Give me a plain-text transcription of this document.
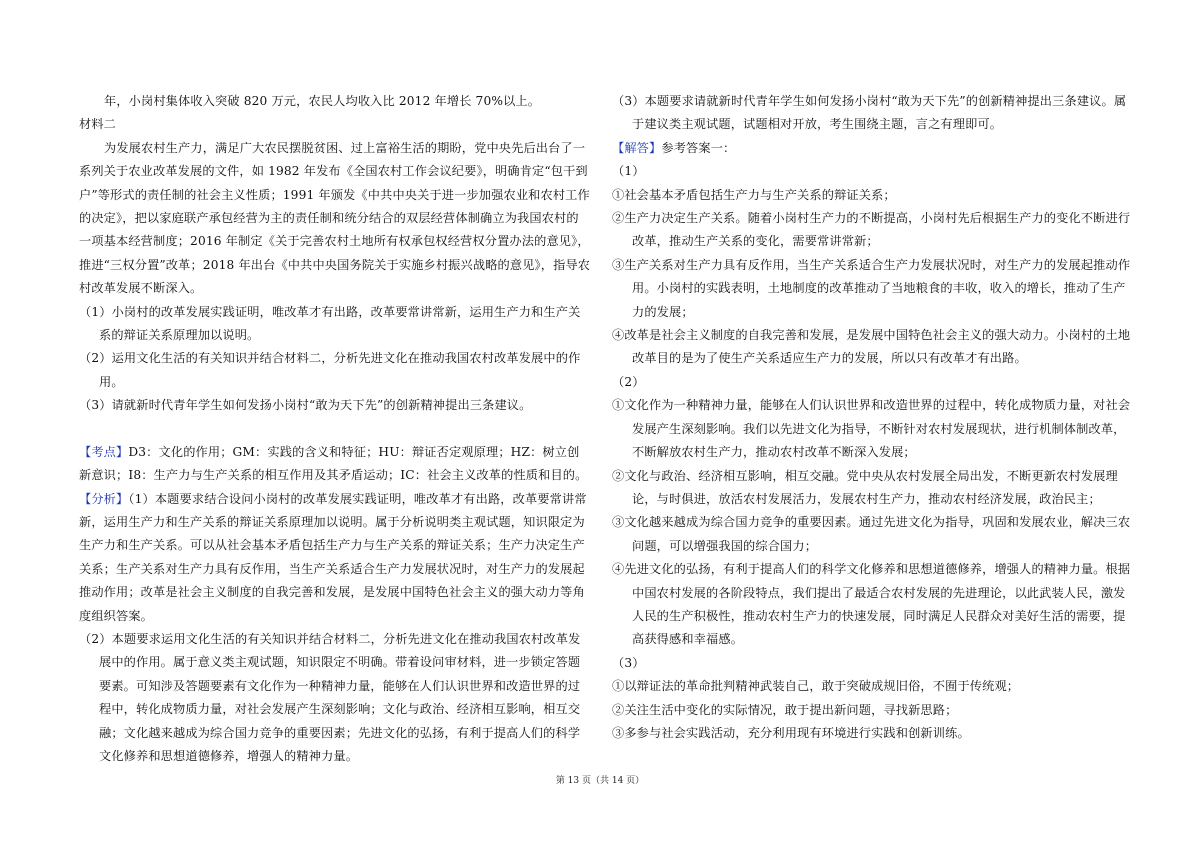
年，小岗村集体收入突破 820 万元，农民人均收入比 2012 年增长 70%以上。

材料二

为发展农村生产力，满足广大农民摆脱贫困、过上富裕生活的期盼，党中央先后出台了一系列关于农业改革发展的文件，如 1982 年发布《全国农村工作会议纪要》，明确肯定“包干到户”等形式的责任制的社会主义性质；1991 年颁发《中共中央关于进一步加强农业和农村工作的决定》，把以家庭联产承包经营为主的责任制和统分结合的双层经营体制确立为我国农村的一项基本经营制度；2016 年制定《关于完善农村土地所有权承包权经营权分置办法的意见》，推进“三权分置”改革；2018 年出台《中共中央国务院关于实施乡村振兴战略的意见》，指导农村改革发展不断深入。

（1）小岗村的改革发展实践证明，唯改革才有出路，改革要常讲常新，运用生产力和生产关系的辩证关系原理加以说明。

（2）运用文化生活的有关知识并结合材料二，分析先进文化在推动我国农村改革发展中的作用。

（3）请就新时代青年学生如何发扬小岗村“敢为天下先”的创新精神提出三条建议。

【考点】D3：文化的作用；GM：实践的含义和特征；HU：辩证否定观原理；HZ：树立创新意识；I8：生产力与生产关系的相互作用及其矛盾运动；IC：社会主义改革的性质和目的。

【分析】（1）本题要求结合设问小岗村的改革发展实践证明，唯改革才有出路，改革要常讲常新，运用生产力和生产关系的辩证关系原理加以说明。属于分析说明类主观试题，知识限定为生产力和生产关系。可以从社会基本矛盾包括生产力与生产关系的辩证关系；生产力决定生产关系；生产关系对生产力具有反作用，当生产关系适合生产力发展状况时，对生产力的发展起推动作用；改革是社会主义制度的自我完善和发展，是发展中国特色社会主义的强大动力等角度组织答案。

（2）本题要求运用文化生活的有关知识并结合材料二，分析先进文化在推动我国农村改革发展中的作用。属于意义类主观试题，知识限定不明确。带着设问审材料，进一步锁定答题要素。可知涉及答题要素有文化作为一种精神力量，能够在人们认识世界和改造世界的过程中，转化成物质力量，对社会发展产生深刻影响；文化与政治、经济相互影响，相互交融；文化越来越成为综合国力竞争的重要因素；先进文化的弘扬，有利于提高人们的科学文化修养和思想道德修养，增强人的精神力量。

（3）本题要求请就新时代青年学生如何发扬小岗村“敢为天下先”的创新精神提出三条建议。属于建议类主观试题，试题相对开放，考生围绕主题，言之有理即可。

【解答】参考答案一：

（1）

①社会基本矛盾包括生产力与生产关系的辩证关系；

②生产力决定生产关系。随着小岗村生产力的不断提高，小岗村先后根据生产力的变化不断进行改革，推动生产关系的变化，需要常讲常新；

③生产关系对生产力具有反作用，当生产关系适合生产力发展状况时，对生产力的发展起推动作用。小岗村的实践表明，土地制度的改革推动了当地粮食的丰收，收入的增长，推动了生产力的发展；

④改革是社会主义制度的自我完善和发展，是发展中国特色社会主义的强大动力。小岗村的土地改革目的是为了使生产关系适应生产力的发展，所以只有改革才有出路。

（2）

①文化作为一种精神力量，能够在人们认识世界和改造世界的过程中，转化成物质力量，对社会发展产生深刻影响。我们以先进文化为指导，不断针对农村发展现状，进行机制体制改革，不断解放农村生产力，推动农村改革不断深入发展；

②文化与政治、经济相互影响，相互交融。党中央从农村发展全局出发，不断更新农村发展理论，与时俱进，放活农村发展活力，发展农村生产力，推动农村经济发展，政治民主；

③文化越来越成为综合国力竞争的重要因素。通过先进文化为指导，巩固和发展农业，解决三农问题，可以增强我国的综合国力；

④先进文化的弘扬，有利于提高人们的科学文化修养和思想道德修养，增强人的精神力量。根据中国农村发展的各阶段特点，我们提出了最适合农村发展的先进理论，以此武装人民，激发人民的生产积极性，推动农村生产力的快速发展，同时满足人民群众对美好生活的需要，提高获得感和幸福感。

（3）

①以辩证法的革命批判精神武装自己，敢于突破成规旧俗，不囿于传统观；

②关注生活中变化的实际情况，敢于提出新问题，寻找新思路；

③多参与社会实践活动，充分利用现有环境进行实践和创新训练。

第 13 页（共 14 页）
